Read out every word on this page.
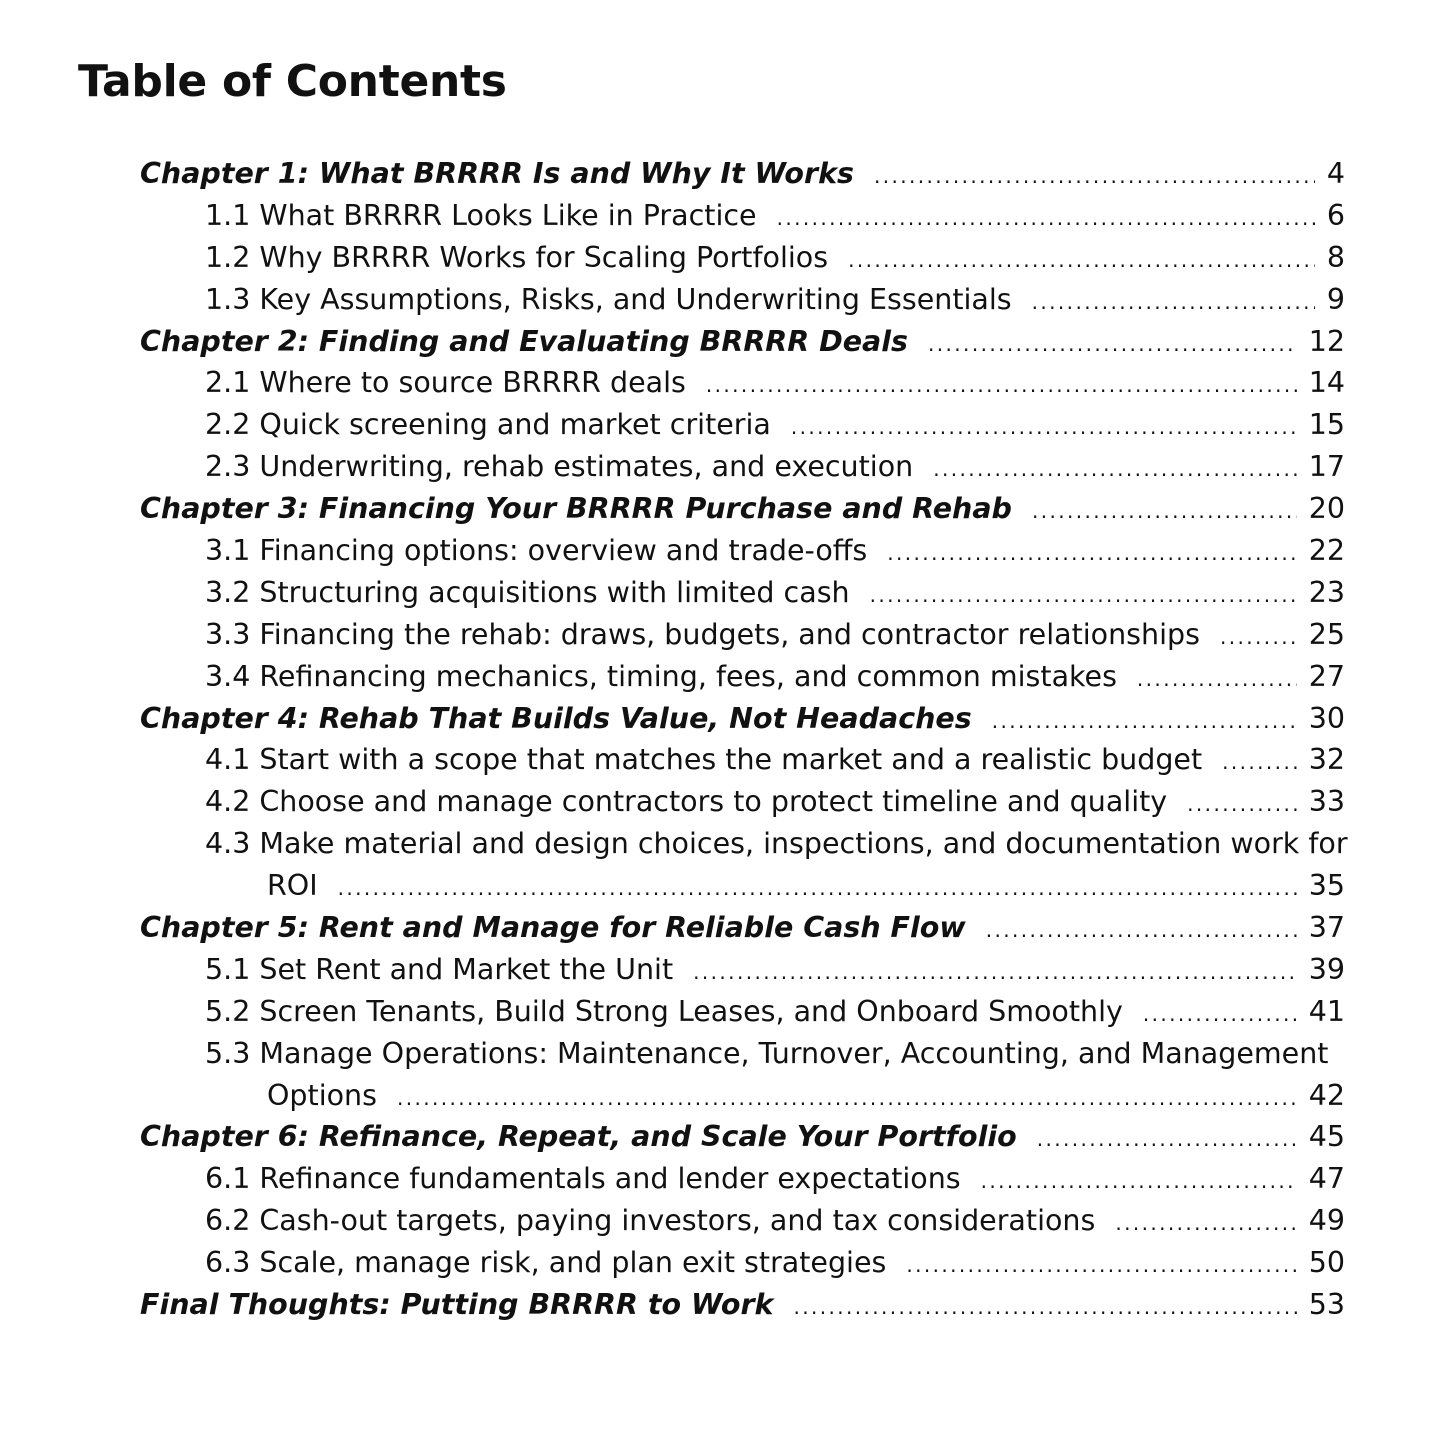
Table of Contents
Chapter 1: What BRRRR Is and Why It Works .....	4
1.1 What BRRRR Looks Like in Practice .....	6
1.2 Why BRRRR Works for Scaling Portfolios .....	8
1.3 Key Assumptions, Risks, and Underwriting Essentials .....	9
Chapter 2: Finding and Evaluating BRRRR Deals .....	12
2.1 Where to source BRRRR deals .....	14
2.2 Quick screening and market criteria .....	15
2.3 Underwriting, rehab estimates, and execution .....	17
Chapter 3: Financing Your BRRRR Purchase and Rehab .....	20
3.1 Financing options: overview and trade-offs .....	22
3.2 Structuring acquisitions with limited cash .....	23
3.3 Financing the rehab: draws, budgets, and contractor relationships .....	25
3.4 Refinancing mechanics, timing, fees, and common mistakes .....	27
Chapter 4: Rehab That Builds Value, Not Headaches .....	30
4.1 Start with a scope that matches the market and a realistic budget .....	32
4.2 Choose and manage contractors to protect timeline and quality .....	33
4.3 Make material and design choices, inspections, and documentation work for
ROI .....	35
Chapter 5: Rent and Manage for Reliable Cash Flow .....	37
5.1 Set Rent and Market the Unit .....	39
5.2 Screen Tenants, Build Strong Leases, and Onboard Smoothly .....	41
5.3 Manage Operations: Maintenance, Turnover, Accounting, and Management
Options .....	42
Chapter 6: Refinance, Repeat, and Scale Your Portfolio .....	45
6.1 Refinance fundamentals and lender expectations .....	47
6.2 Cash-out targets, paying investors, and tax considerations .....	49
6.3 Scale, manage risk, and plan exit strategies .....	50
Final Thoughts: Putting BRRRR to Work .....	53
